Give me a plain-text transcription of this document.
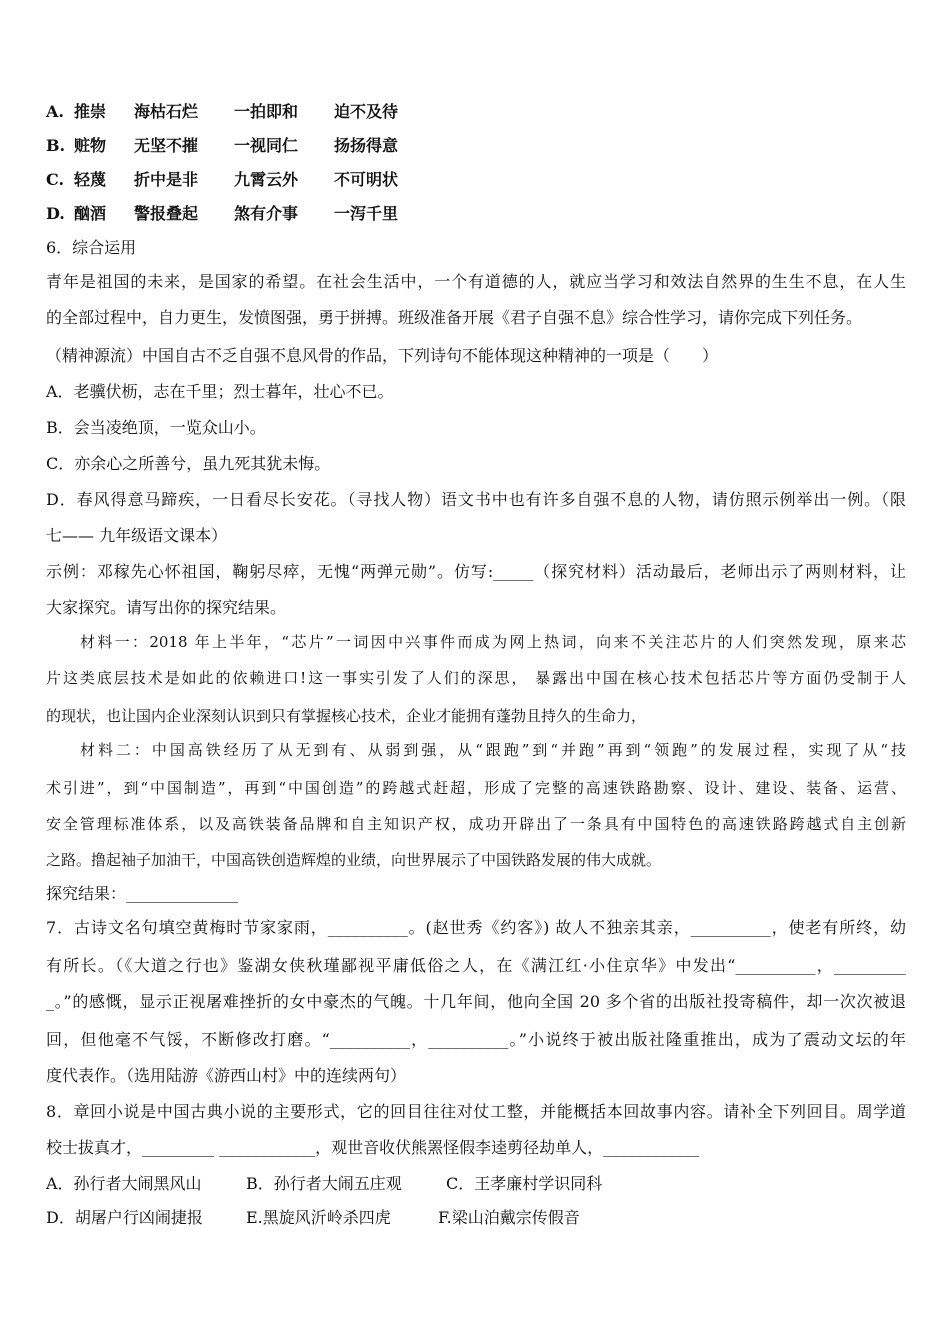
A. 推崇 海枯石烂 一拍即和 迫不及待
B. 赃物 无坚不摧 一视同仁 扬扬得意
C. 轻蔑 折中是非 九霄云外 不可明状
D. 酗酒 警报叠起 煞有介事 一泻千里
6．综合运用
青年是祖国的未来，是国家的希望。在社会生活中，一个有道德的人，就应当学习和效法自然界的生生不息，在人生
的全部过程中，自力更生，发愤图强，勇于拼搏。班级准备开展《君子自强不息》综合性学习，请你完成下列任务。
（精神源流）中国自古不乏自强不息风骨的作品，下列诗句不能体现这种精神的一项是（　　）
A．老骥伏枥，志在千里；烈士暮年，壮心不已。
B．会当凌绝顶，一览众山小。
C．亦余心之所善兮，虽九死其犹未悔。
D．春风得意马蹄疾，一日看尽长安花。（寻找人物）语文书中也有许多自强不息的人物，请仿照示例举出一例。（限
七—— 九年级语文课本）
示例：邓稼先心怀祖国，鞠躬尽瘁，无愧“两弹元勋”。仿写:_____（探究材料）活动最后，老师出示了两则材料，让
大家探究。请写出你的探究结果。
材料一：2018 年上半年，“芯片”一词因中兴事件而成为网上热词，向来不关注芯片的人们突然发现，原来芯
片这类底层技术是如此的依赖进口!这一事实引发了人们的深思， 暴露出中国在核心技术包括芯片等方面仍受制于人
的现状，也让国内企业深刻认识到只有掌握核心技术，企业才能拥有蓬勃且持久的生命力，
材料二：中国高铁经历了从无到有、从弱到强，从“跟跑”到“并跑”再到“领跑”的发展过程，实现了从“技
术引进”，到“中国制造”，再到“中国创造”的跨越式赶超，形成了完整的高速铁路勘察、设计、建设、装备、运营、
安全管理标准体系，以及高铁装备品牌和自主知识产权，成功开辟出了一条具有中国特色的高速铁路跨越式自主创新
之路。撸起袖子加油干，中国高铁创造辉煌的业绩，向世界展示了中国铁路发展的伟大成就。
探究结果：______________
7．古诗文名句填空黄梅时节家家雨，__________。(赵世秀《约客》) 故人不独亲其亲，__________，使老有所终，幼
有所长。（《大道之行也》鉴湖女侠秋瑾鄙视平庸低俗之人，在《满江红·小住京华》中发出“__________，_________
_。”的感慨，显示正视屠难挫折的女中豪杰的气魄。十几年间，他向全国 20 多个省的出版社投寄稿件，却一次次被退
回，但他毫不气馁，不断修改打磨。“__________，__________。”小说终于被出版社隆重推出，成为了震动文坛的年
度代表作。（选用陆游《游西山村》中的连续两句）
8．章回小说是中国古典小说的主要形式，它的回目往往对仗工整，并能概括本回故事内容。请补全下列回目。周学道
校士拔真才，_________ ____________，观世音收伏熊罴怪假李逵剪径劫单人，____________
A．孙行者大闹黑风山	B．孙行者大闹五庄观	C．王孝廉村学识同科
D．胡屠户行凶闹捷报	E.黑旋风沂岭杀四虎	F.梁山泊戴宗传假音
